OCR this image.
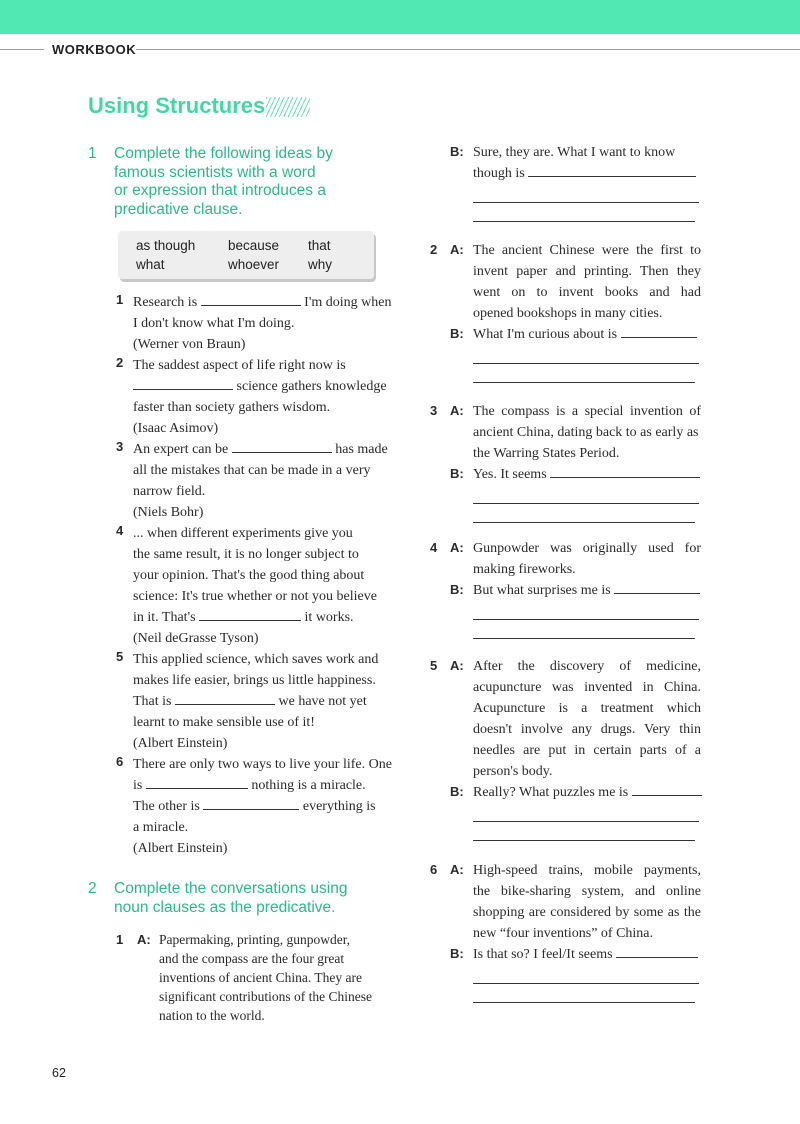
WORKBOOK
Using Structures
1 Complete the following ideas by
famous scientists with a word
or expression that introduces a
predicative clause.
as though because that
what	whoever why
1 Research is	I'm doing when
I don't know what I'm doing.
(Werner von Braun)
2 The saddest aspect of life right now is
science gathers knowledge
faster than society gathers wisdom.
(Isaac Asimov)
3 An expert can be	has made
all the mistakes that can be made in a very
narrow field.
(Niels Bohr)
4 ... when different experiments give you
the same result, it is no longer subject to
your opinion. That's the good thing about
science: It's true whether or not you believe
in it. That's	it works.
(Neil deGrasse Tyson)
5 This applied science, which saves work and
makes life easier, brings us little happiness.
That is	we have not yet
learnt to make sensible use of it!
(Albert Einstein)
6 There are only two ways to live your life. One
is	nothing is a miracle.
The other is	everything is
a miracle.
(Albert Einstein)
2 Complete the conversations using
noun clauses as the predicative.
1 A: Papermaking, printing, gunpowder,
and the compass are the four great
inventions of ancient China. They are
significant contributions of the Chinese
nation to the world.
B: Sure, they are. What I want to know
though is
2 A: The ancient Chinese were the first to
invent paper and printing. Then they
went on to invent books and had
opened bookshops in many cities.
B: What I'm curious about is
3 A: The compass is a special invention of
ancient China, dating back to as early as
the Warring States Period.
B: Yes. It seems
4 A: Gunpowder was originally used for
making fireworks.
B: But what surprises me is
5 A: After the discovery of medicine,
acupuncture was invented in China.
Acupuncture is a treatment which
doesn't involve any drugs. Very thin
needles are put in certain parts of a
person's body.
B: Really? What puzzles me is
6 A: High-speed trains, mobile payments,
the bike-sharing system, and online
shopping are considered by some as the
new “four inventions” of China.
B: Is that so? I feel/It seems
62
